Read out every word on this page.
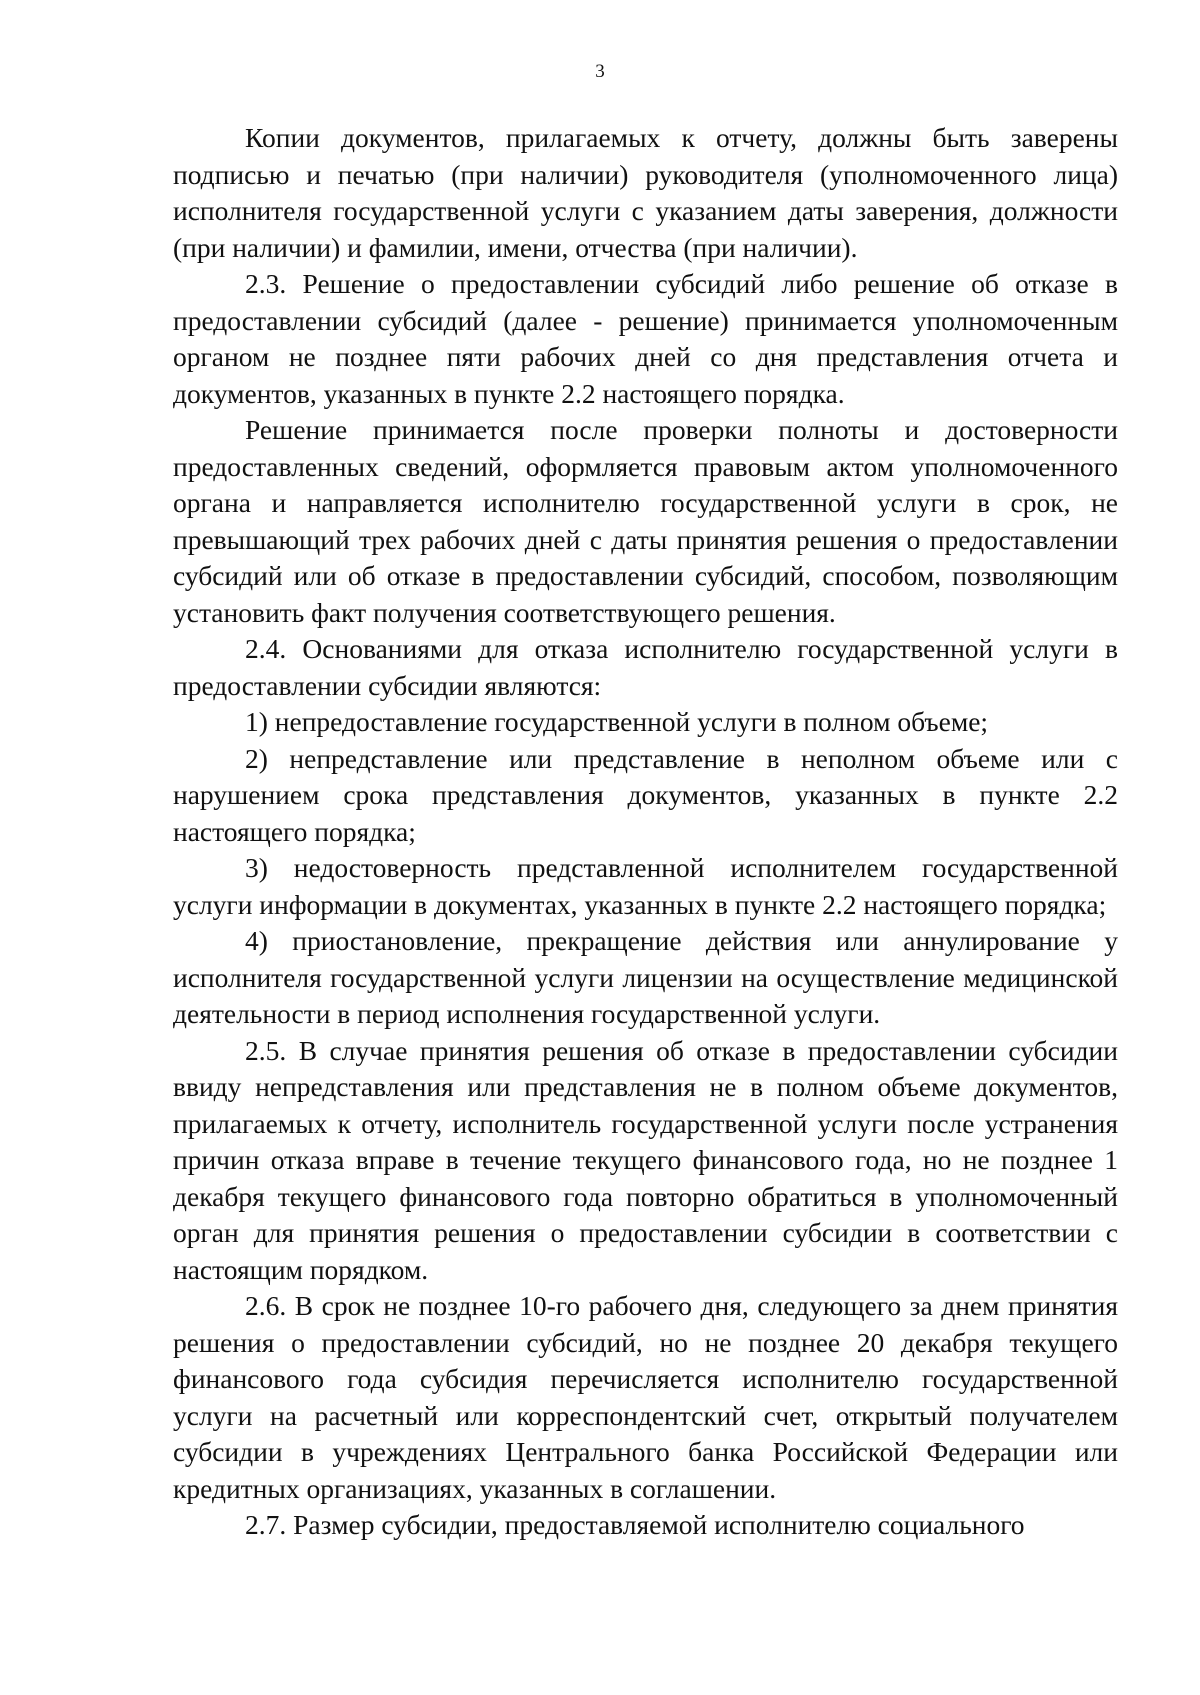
3

Копии документов, прилагаемых к отчету, должны быть заверены подписью и печатью (при наличии) руководителя (уполномоченного лица) исполнителя государственной услуги с указанием даты заверения, должности (при наличии) и фамилии, имени, отчества (при наличии).

2.3. Решение о предоставлении субсидий либо решение об отказе в предоставлении субсидий (далее - решение) принимается уполномоченным органом не позднее пяти рабочих дней со дня представления отчета и документов, указанных в пункте 2.2 настоящего порядка.

Решение принимается после проверки полноты и достоверности предоставленных сведений, оформляется правовым актом уполномоченного органа и направляется исполнителю государственной услуги в срок, не превышающий трех рабочих дней с даты принятия решения о предоставлении субсидий или об отказе в предоставлении субсидий, способом, позволяющим установить факт получения соответствующего решения.

2.4. Основаниями для отказа исполнителю государственной услуги в предоставлении субсидии являются:

1) непредоставление государственной услуги в полном объеме;

2) непредставление или представление в неполном объеме или с нарушением срока представления документов, указанных в пункте 2.2 настоящего порядка;

3) недостоверность представленной исполнителем государственной услуги информации в документах, указанных в пункте 2.2 настоящего порядка;

4) приостановление, прекращение действия или аннулирование у исполнителя государственной услуги лицензии на осуществление медицинской деятельности в период исполнения государственной услуги.

2.5. В случае принятия решения об отказе в предоставлении субсидии ввиду непредставления или представления не в полном объеме документов, прилагаемых к отчету, исполнитель государственной услуги после устранения причин отказа вправе в течение текущего финансового года, но не позднее 1 декабря текущего финансового года повторно обратиться в уполномоченный орган для принятия решения о предоставлении субсидии в соответствии с настоящим порядком.

2.6. В срок не позднее 10-го рабочего дня, следующего за днем принятия решения о предоставлении субсидий, но не позднее 20 декабря текущего финансового года субсидия перечисляется исполнителю государственной услуги на расчетный или корреспондентский счет, открытый получателем субсидии в учреждениях Центрального банка Российской Федерации или кредитных организациях, указанных в соглашении.

2.7. Размер субсидии, предоставляемой исполнителю социального
